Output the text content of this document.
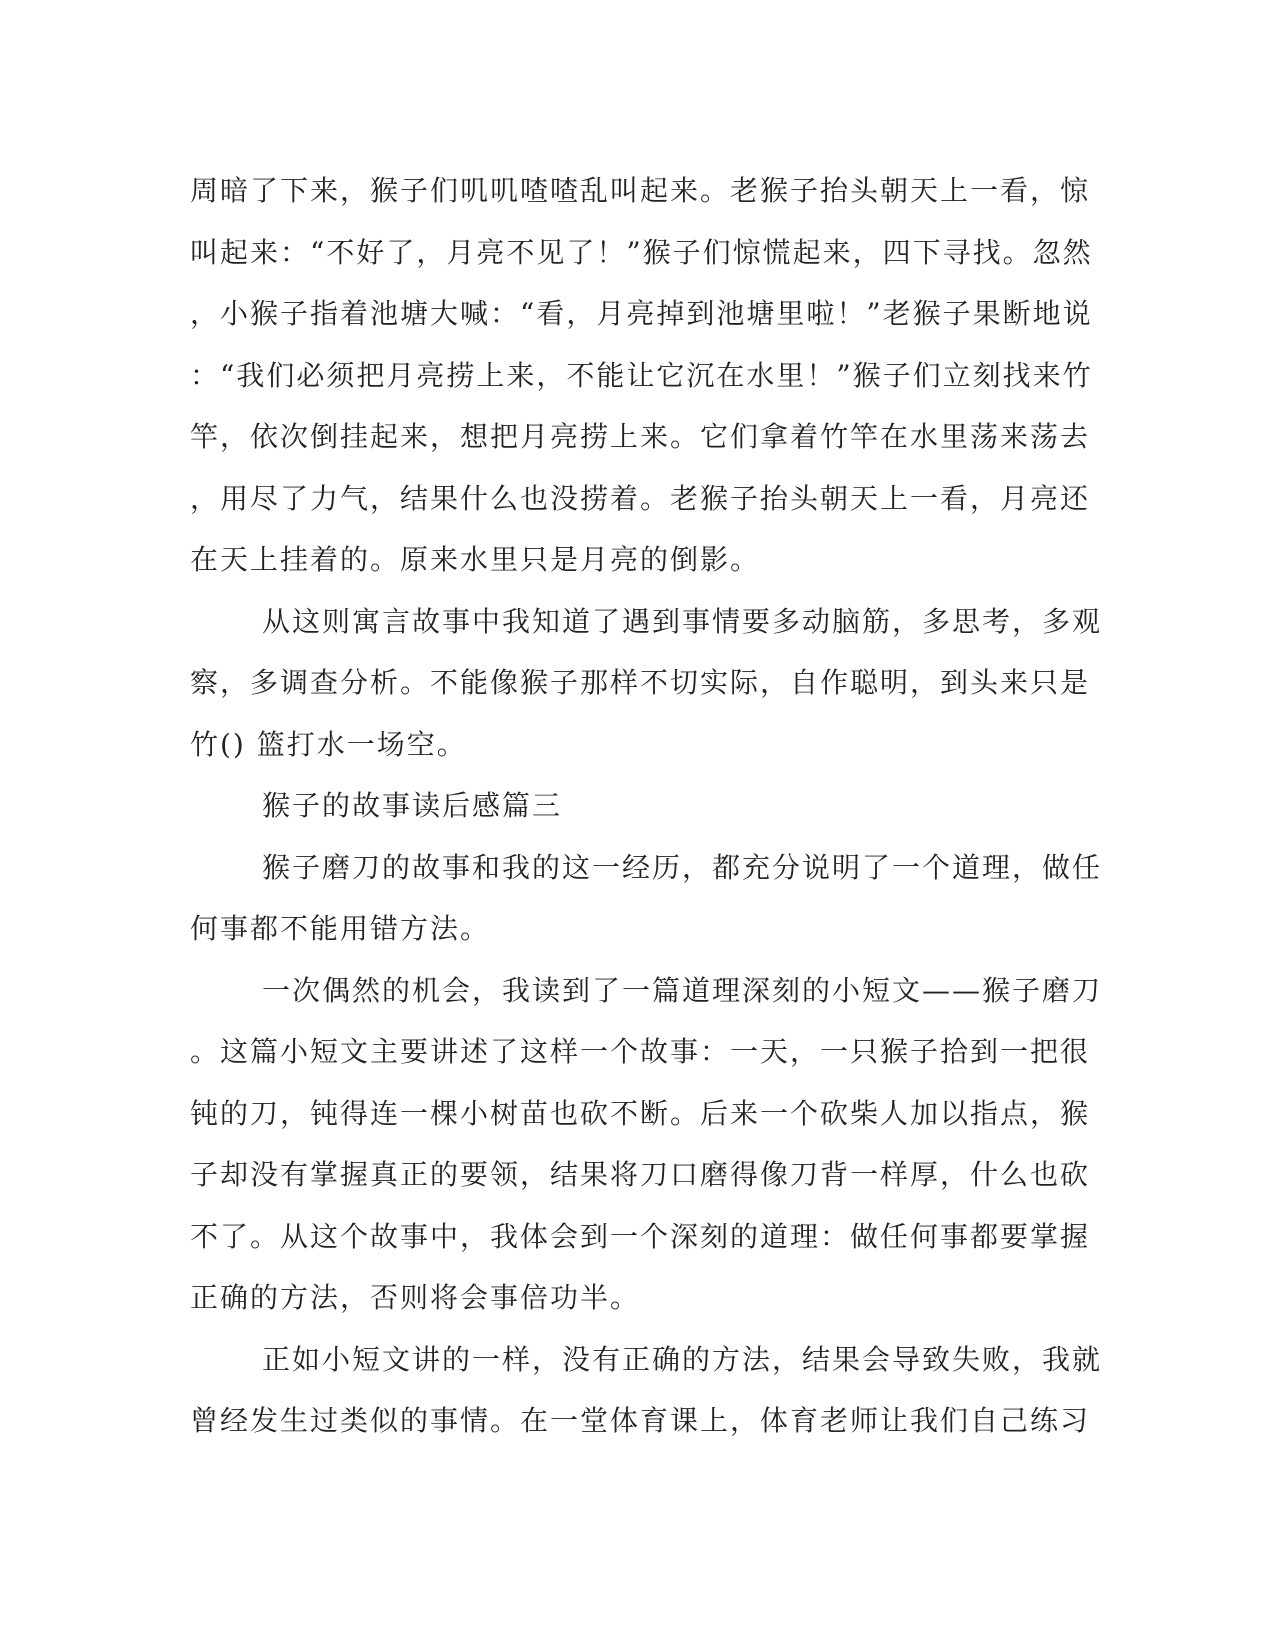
周暗了下来，猴子们叽叽喳喳乱叫起来。老猴子抬头朝天上一看，惊
叫起来：“不好了，月亮不见了！”猴子们惊慌起来，四下寻找。忽然
，小猴子指着池塘大喊：“看，月亮掉到池塘里啦！”老猴子果断地说
：“我们必须把月亮捞上来，不能让它沉在水里！”猴子们立刻找来竹
竿，依次倒挂起来，想把月亮捞上来。它们拿着竹竿在水里荡来荡去
，用尽了力气，结果什么也没捞着。老猴子抬头朝天上一看，月亮还
在天上挂着的。原来水里只是月亮的倒影。
从这则寓言故事中我知道了遇到事情要多动脑筋，多思考，多观
察，多调查分析。不能像猴子那样不切实际，自作聪明，到头来只是
竹() 篮打水一场空。
猴子的故事读后感篇三
猴子磨刀的故事和我的这一经历，都充分说明了一个道理，做任
何事都不能用错方法。
一次偶然的机会，我读到了一篇道理深刻的小短文——猴子磨刀
。这篇小短文主要讲述了这样一个故事：一天，一只猴子拾到一把很
钝的刀，钝得连一棵小树苗也砍不断。后来一个砍柴人加以指点，猴
子却没有掌握真正的要领，结果将刀口磨得像刀背一样厚，什么也砍
不了。从这个故事中，我体会到一个深刻的道理：做任何事都要掌握
正确的方法，否则将会事倍功半。
正如小短文讲的一样，没有正确的方法，结果会导致失败，我就
曾经发生过类似的事情。在一堂体育课上，体育老师让我们自己练习
